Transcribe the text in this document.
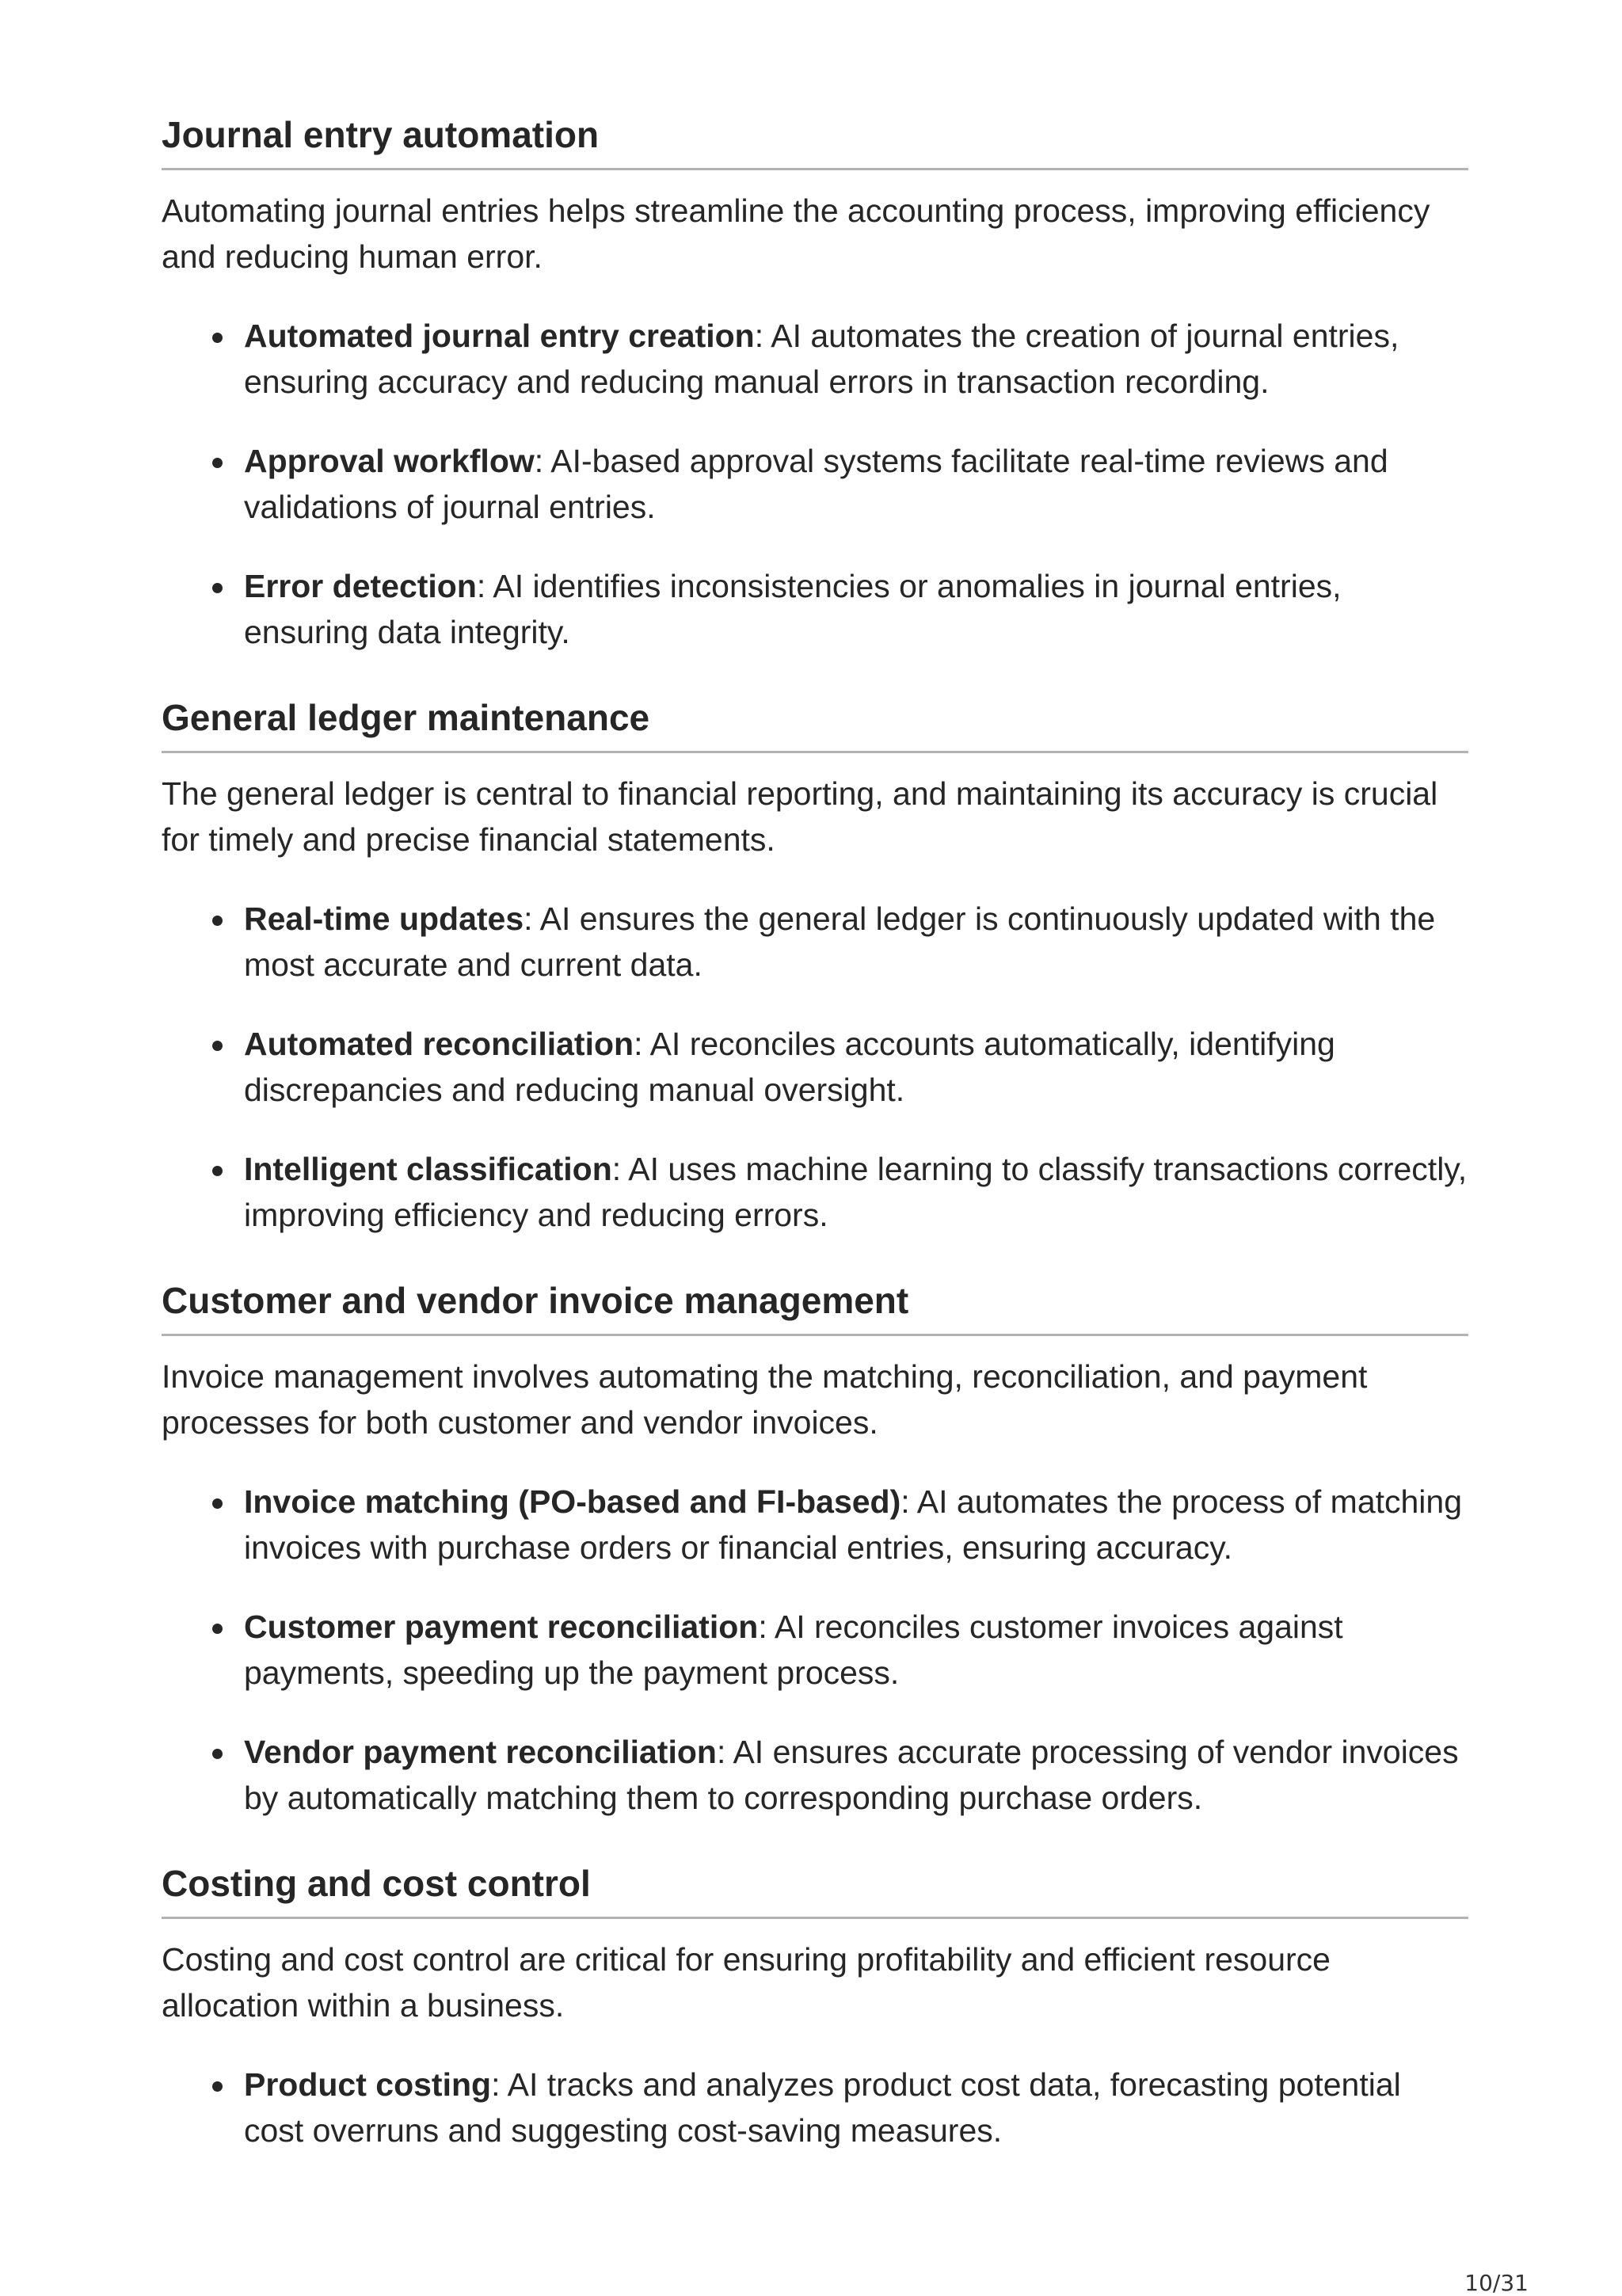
Journal entry automation

Automating journal entries helps streamline the accounting process, improving efficiency and reducing human error.

Automated journal entry creation: AI automates the creation of journal entries, ensuring accuracy and reducing manual errors in transaction recording.
Approval workflow: AI-based approval systems facilitate real-time reviews and validations of journal entries.
Error detection: AI identifies inconsistencies or anomalies in journal entries, ensuring data integrity.
General ledger maintenance

The general ledger is central to financial reporting, and maintaining its accuracy is crucial for timely and precise financial statements.

Real-time updates: AI ensures the general ledger is continuously updated with the most accurate and current data.
Automated reconciliation: AI reconciles accounts automatically, identifying discrepancies and reducing manual oversight.
Intelligent classification: AI uses machine learning to classify transactions correctly, improving efficiency and reducing errors.
Customer and vendor invoice management

Invoice management involves automating the matching, reconciliation, and payment processes for both customer and vendor invoices.

Invoice matching (PO-based and FI-based): AI automates the process of matching invoices with purchase orders or financial entries, ensuring accuracy.
Customer payment reconciliation: AI reconciles customer invoices against payments, speeding up the payment process.
Vendor payment reconciliation: AI ensures accurate processing of vendor invoices by automatically matching them to corresponding purchase orders.
Costing and cost control

Costing and cost control are critical for ensuring profitability and efficient resource allocation within a business.

Product costing: AI tracks and analyzes product cost data, forecasting potential cost overruns and suggesting cost-saving measures.
10/31
